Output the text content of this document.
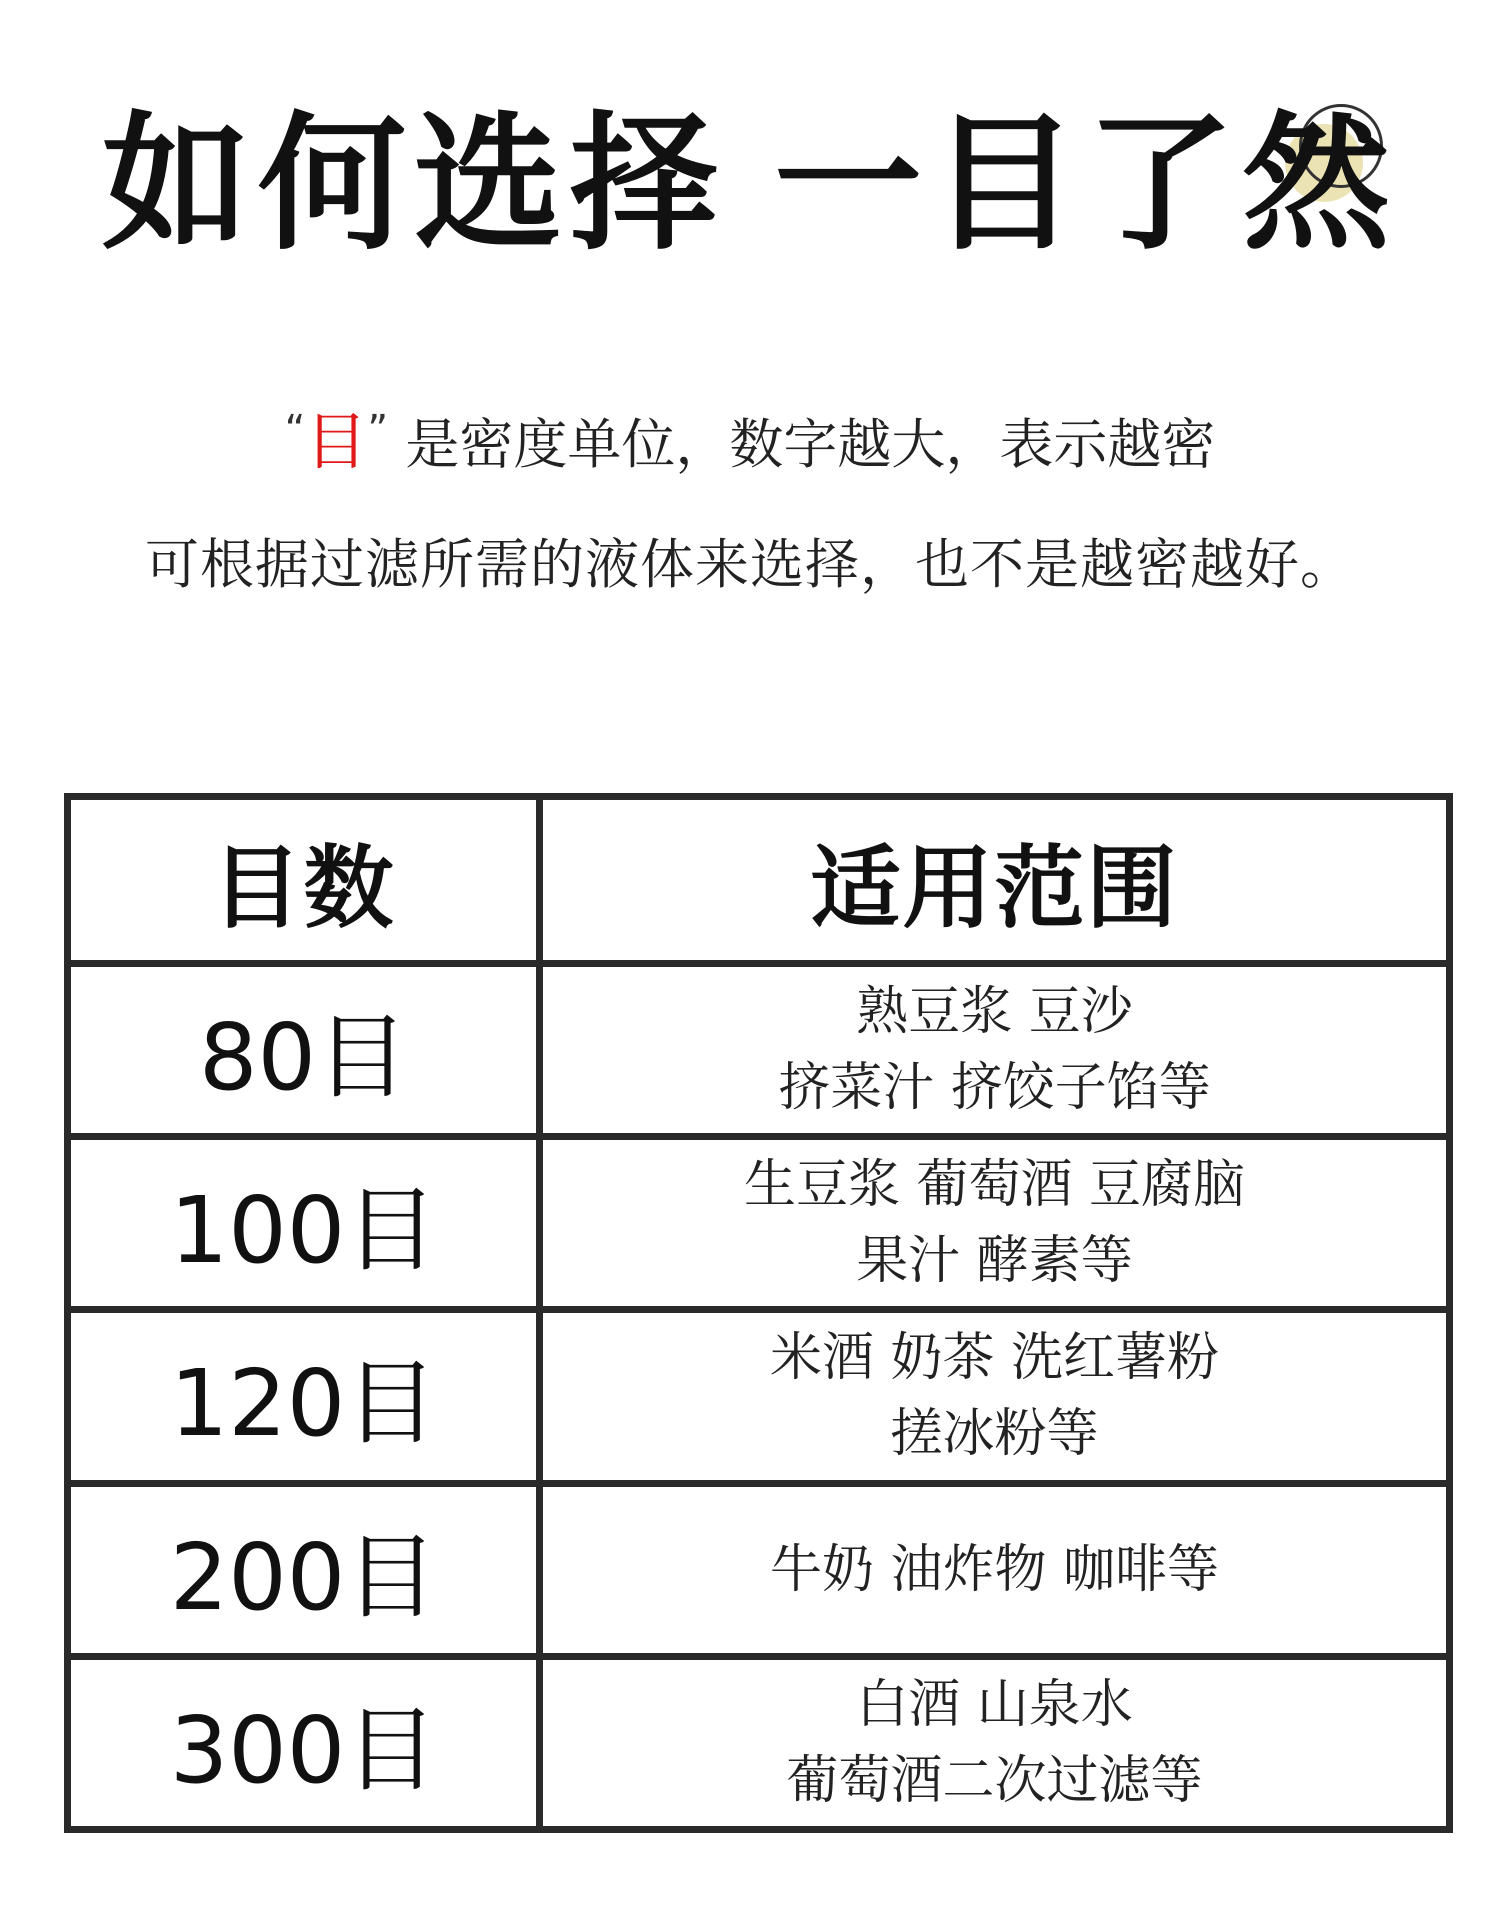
如何选择 一目了然
“目” 是密度单位，数字越大，表示越密
可根据过滤所需的液体来选择，也不是越密越好。
目数	适用范围
80目	熟豆浆 豆沙
挤菜汁 挤饺子馅等

100目	生豆浆 葡萄酒 豆腐脑
果汁 酵素等

120目	米酒 奶茶 洗红薯粉
搓冰粉等

200目	牛奶 油炸物 咖啡等

300目	白酒 山泉水
葡萄酒二次过滤等
